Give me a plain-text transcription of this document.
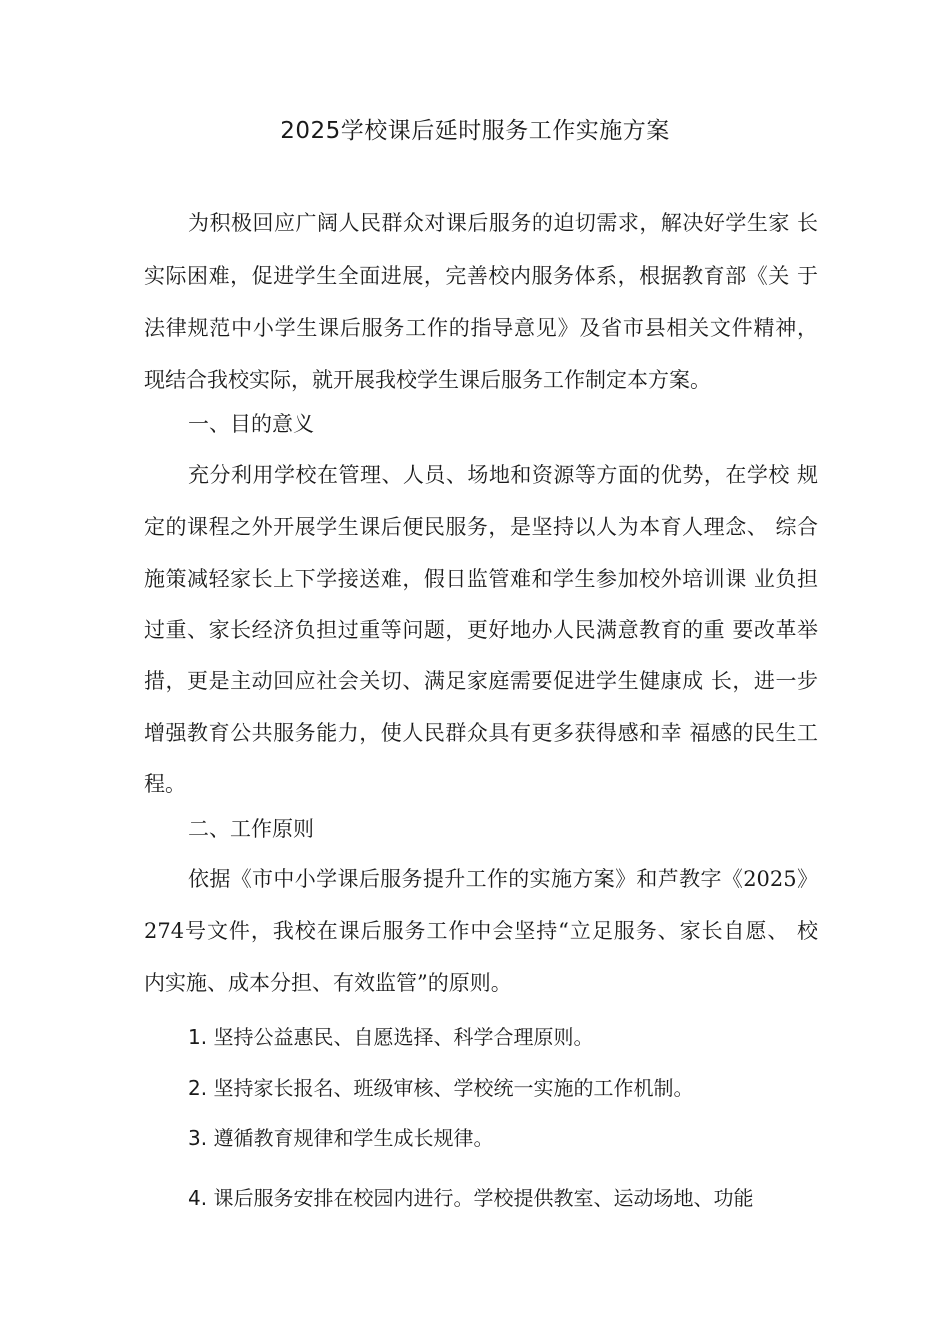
2025学校课后延时服务工作实施方案
为积极回应广阔人民群众对课后服务的迫切需求，解决好学生家 长
实际困难，促进学生全面进展，完善校内服务体系，根据教育部《关 于
法律规范中小学生课后服务工作的指导意见》及省市县相关文件精神，
现结合我校实际，就开展我校学生课后服务工作制定本方案。
一、目的意义
充分利用学校在管理、人员、场地和资源等方面的优势，在学校 规
定的课程之外开展学生课后便民服务，是坚持以人为本育人理念、 综合
施策减轻家长上下学接送难，假日监管难和学生参加校外培训课 业负担
过重、家长经济负担过重等问题，更好地办人民满意教育的重 要改革举
措，更是主动回应社会关切、满足家庭需要促进学生健康成 长，进一步
增强教育公共服务能力，使人民群众具有更多获得感和幸 福感的民生工
程。
二、工作原则
依据《市中小学课后服务提升工作的实施方案》和芦教字《2025》
274号文件，我校在课后服务工作中会坚持“立足服务、家长自愿、 校
内实施、成本分担、有效监管”的原则。
1. 坚持公益惠民、自愿选择、科学合理原则。
2. 坚持家长报名、班级审核、学校统一实施的工作机制。
3. 遵循教育规律和学生成长规律。
4. 课后服务安排在校园内进行。学校提供教室、运动场地、功能
